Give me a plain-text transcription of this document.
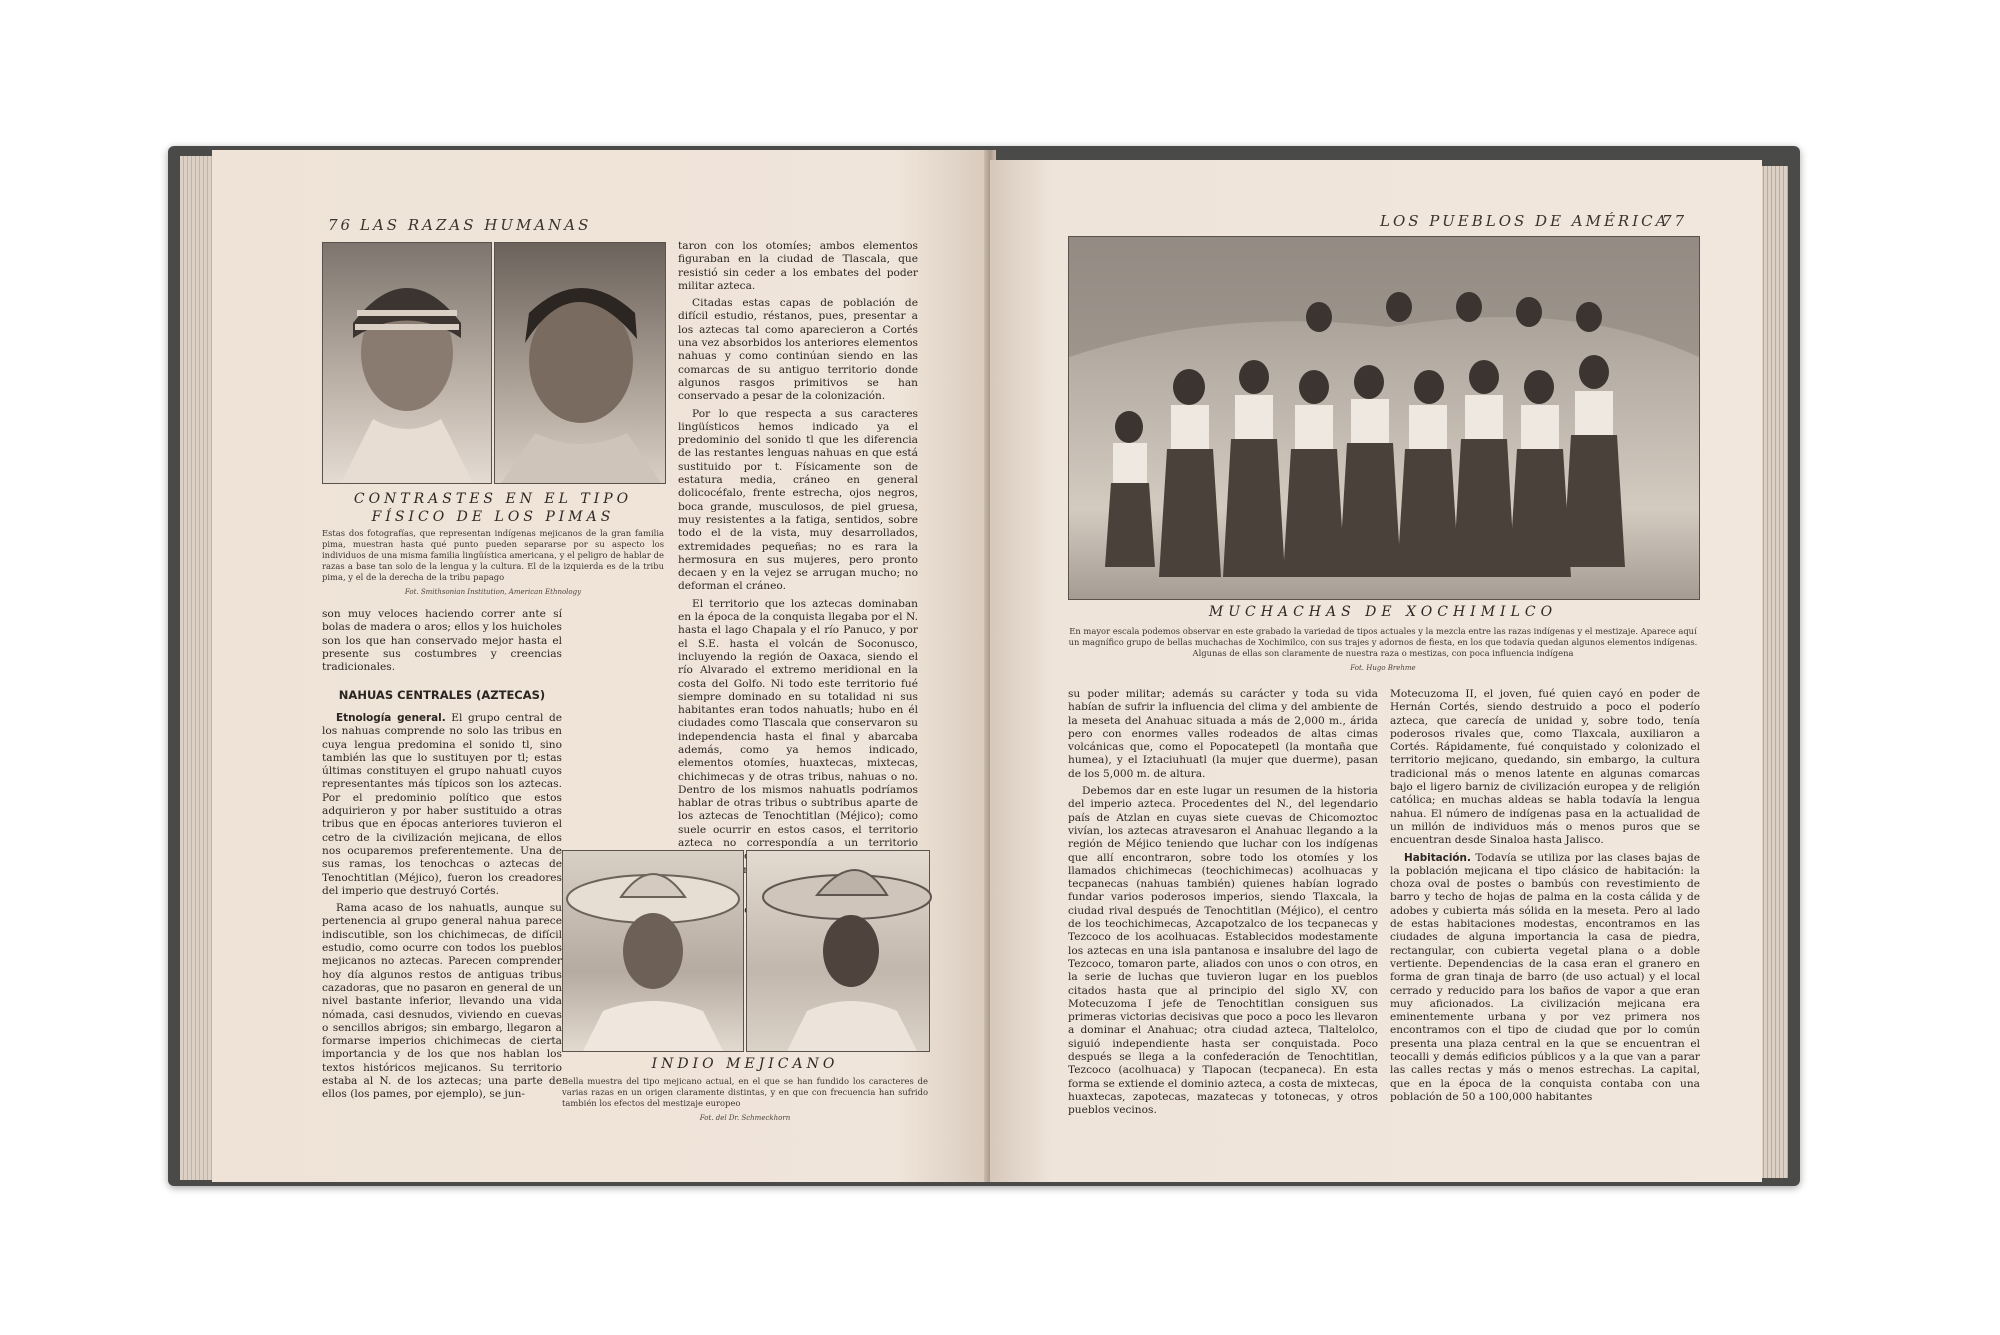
76 LAS RAZAS HUMANAS
CONTRASTES EN EL TIPO FÍSICO DE LOS PIMAS
Estas dos fotografías, que representan indígenas mejicanos de la gran familia pima, muestran hasta qué punto pueden separarse por su aspecto los individuos de una misma familia lingüística americana, y el peligro de hablar de razas a base tan solo de la lengua y la cultura. El de la izquierda es de la tribu pima, y el de la derecha de la tribu papago
Fot. Smithsonian Institution, American Ethnology

son muy veloces haciendo correr ante sí bolas de madera o aros; ellos y los huicholes son los que han conservado mejor hasta el presente sus costumbres y creencias tradicionales.

NAHUAS CENTRALES (AZTECAS)

Etnología general. El grupo central de los nahuas comprende no solo las tribus en cuya lengua predomina el sonido tl, sino también las que lo sustituyen por tl; estas últimas constituyen el grupo nahuatl cuyos representantes más típicos son los aztecas. Por el predominio político que estos adquirieron y por haber sustituido a otras tribus que en épocas anteriores tuvieron el cetro de la civilización mejicana, de ellos nos ocuparemos preferentemente. Una de sus ramas, los tenochcas o aztecas de Tenochtitlan (Méjico), fueron los creadores del imperio que destruyó Cortés.

Rama acaso de los nahuatls, aunque su pertenencia al grupo general nahua parece indiscutible, son los chichimecas, de difícil estudio, como ocurre con todos los pueblos mejicanos no aztecas. Parecen comprender hoy día algunos restos de antiguas tribus cazadoras, que no pasaron en general de un nivel bastante inferior, llevando una vida nómada, casi desnudos, viviendo en cuevas o sencillos abrigos; sin embargo, llegaron a formarse imperios chichimecas de cierta importancia y de los que nos hablan los textos históricos mejicanos. Su territorio estaba al N. de los aztecas; una parte de ellos (los pames, por ejemplo), se jun-

taron con los otomíes; ambos elementos figuraban en la ciudad de Tlascala, que resistió sin ceder a los embates del poder militar azteca.

Citadas estas capas de población de difícil estudio, réstanos, pues, presentar a los aztecas tal como aparecieron a Cortés una vez absorbidos los anteriores elementos nahuas y como continúan siendo en las comarcas de su antiguo territorio donde algunos rasgos primitivos se han conservado a pesar de la colonización.

Por lo que respecta a sus caracteres lingüísticos hemos indicado ya el predominio del sonido tl que les diferencia de las restantes lenguas nahuas en que está sustituido por t. Físicamente son de estatura media, cráneo en general dolicocéfalo, frente estrecha, ojos negros, boca grande, musculosos, de piel gruesa, muy resistentes a la fatiga, sentidos, sobre todo el de la vista, muy desarrollados, extremidades pequeñas; no es rara la hermosura en sus mujeres, pero pronto decaen y en la vejez se arrugan mucho; no deforman el cráneo.

El territorio que los aztecas dominaban en la época de la conquista llegaba por el N. hasta el lago Chapala y el río Panuco, y por el S.E. hasta el volcán de Soconusco, incluyendo la región de Oaxaca, siendo el río Alvarado el extremo meridional en la costa del Golfo. Ni todo este territorio fué siempre dominado en su totalidad ni sus habitantes eran todos nahuatls; hubo en él ciudades como Tlascala que conservaron su independencia hasta el final y abarcaba además, como ya hemos indicado, elementos otomíes, huaxtecas, mixtecas, chichimecas y de otras tribus, nahuas o no. Dentro de los mismos nahuatls podríamos hablar de otras tribus o subtribus aparte de los aztecas de Tenochtitlan (Méjico); como suele ocurrir en estos casos, el territorio azteca no correspondía a un territorio

INDIO MEJICANO
Bella muestra del tipo mejicano actual, en el que se han fundido los caracteres de varias razas en un origen claramente distintas, y en que con frecuencia han sufrido también los efectos del mestizaje europeo
Fot. del Dr. Schmeckhorn
LOS PUEBLOS DE AMÉRICA
77
MUCHACHAS DE XOCHIMILCO
En mayor escala podemos observar en este grabado la variedad de tipos actuales y la mezcla entre las razas indígenas y el mestizaje. Aparece aquí un magnífico grupo de bellas muchachas de Xochimilco, con sus trajes y adornos de fiesta, en los que todavía quedan algunos elementos indígenas. Algunas de ellas son claramente de nuestra raza o mestizas, con poca influencia indígena
Fot. Hugo Brehme

su poder militar; además su carácter y toda su vida habían de sufrir la influencia del clima y del ambiente de la meseta del Anahuac situada a más de 2,000 m., árida pero con enormes valles rodeados de altas cimas volcánicas que, como el Popocatepetl (la montaña que humea), y el Iztaciuhuatl (la mujer que duerme), pasan de los 5,000 m. de altura.

Debemos dar en este lugar un resumen de la historia del imperio azteca. Procedentes del N., del legendario país de Atzlan en cuyas siete cuevas de Chicomoztoc vivían, los aztecas atravesaron el Anahuac llegando a la región de Méjico teniendo que luchar con los indígenas que allí encontraron, sobre todo los otomíes y los llamados chichimecas (teochichimecas) acolhuacas y tecpanecas (nahuas también) quienes habían logrado fundar varios poderosos imperios, siendo Tlaxcala, la ciudad rival después de Tenochtitlan (Méjico), el centro de los teochichimecas, Azcapotzalco de los tecpanecas y Tezcoco de los acolhuacas. Establecidos modestamente los aztecas en una isla pantanosa e insalubre del lago de Tezcoco, tomaron parte, aliados con unos o con otros, en la serie de luchas que tuvieron lugar en los pueblos citados hasta que al principio del siglo XV, con Motecuzoma I jefe de Tenochtitlan consiguen sus primeras victorias decisivas que poco a poco les llevaron a dominar el Anahuac; otra ciudad azteca, Tlaltelolco, siguió independiente hasta ser conquistada. Poco después se llega a la confederación de Tenochtitlan, Tezcoco (acolhuaca) y Tlapocan (tecpaneca). En esta forma se extiende el dominio azteca, a costa de mixtecas, huaxtecas, zapotecas, mazatecas y totonecas, y otros pueblos vecinos.

Motecuzoma II, el joven, fué quien cayó en poder de Hernán Cortés, siendo destruido a poco el poderío azteca, que carecía de unidad y, sobre todo, tenía poderosos rivales que, como Tlaxcala, auxiliaron a Cortés. Rápidamente, fué conquistado y colonizado el territorio mejicano, quedando, sin embargo, la cultura tradicional más o menos latente en algunas comarcas bajo el ligero barniz de civilización europea y de religión católica; en muchas aldeas se habla todavía la lengua nahua. El número de indígenas pasa en la actualidad de un millón de individuos más o menos puros que se encuentran desde Sinaloa hasta Jalisco.

Habitación. Todavía se utiliza por las clases bajas de la población mejicana el tipo clásico de habitación: la choza oval de postes o bambús con revestimiento de barro y techo de hojas de palma en la costa cálida y de adobes y cubierta más sólida en la meseta. Pero al lado de estas habitaciones modestas, encontramos en las ciudades de alguna importancia la casa de piedra, rectangular, con cubierta vegetal plana o a doble vertiente. Dependencias de la casa eran el granero en forma de gran tinaja de barro (de uso actual) y el local cerrado y reducido para los baños de vapor a que eran muy aficionados. La civilización mejicana era eminentemente urbana y por vez primera nos encontramos con el tipo de ciudad que por lo común presenta una plaza central en la que se encuentran el teocalli y demás edificios públicos y a la que van a parar las calles rectas y más o menos estrechas. La capital, que en la época de la conquista contaba con una población de 50 a 100,000 habitantes
